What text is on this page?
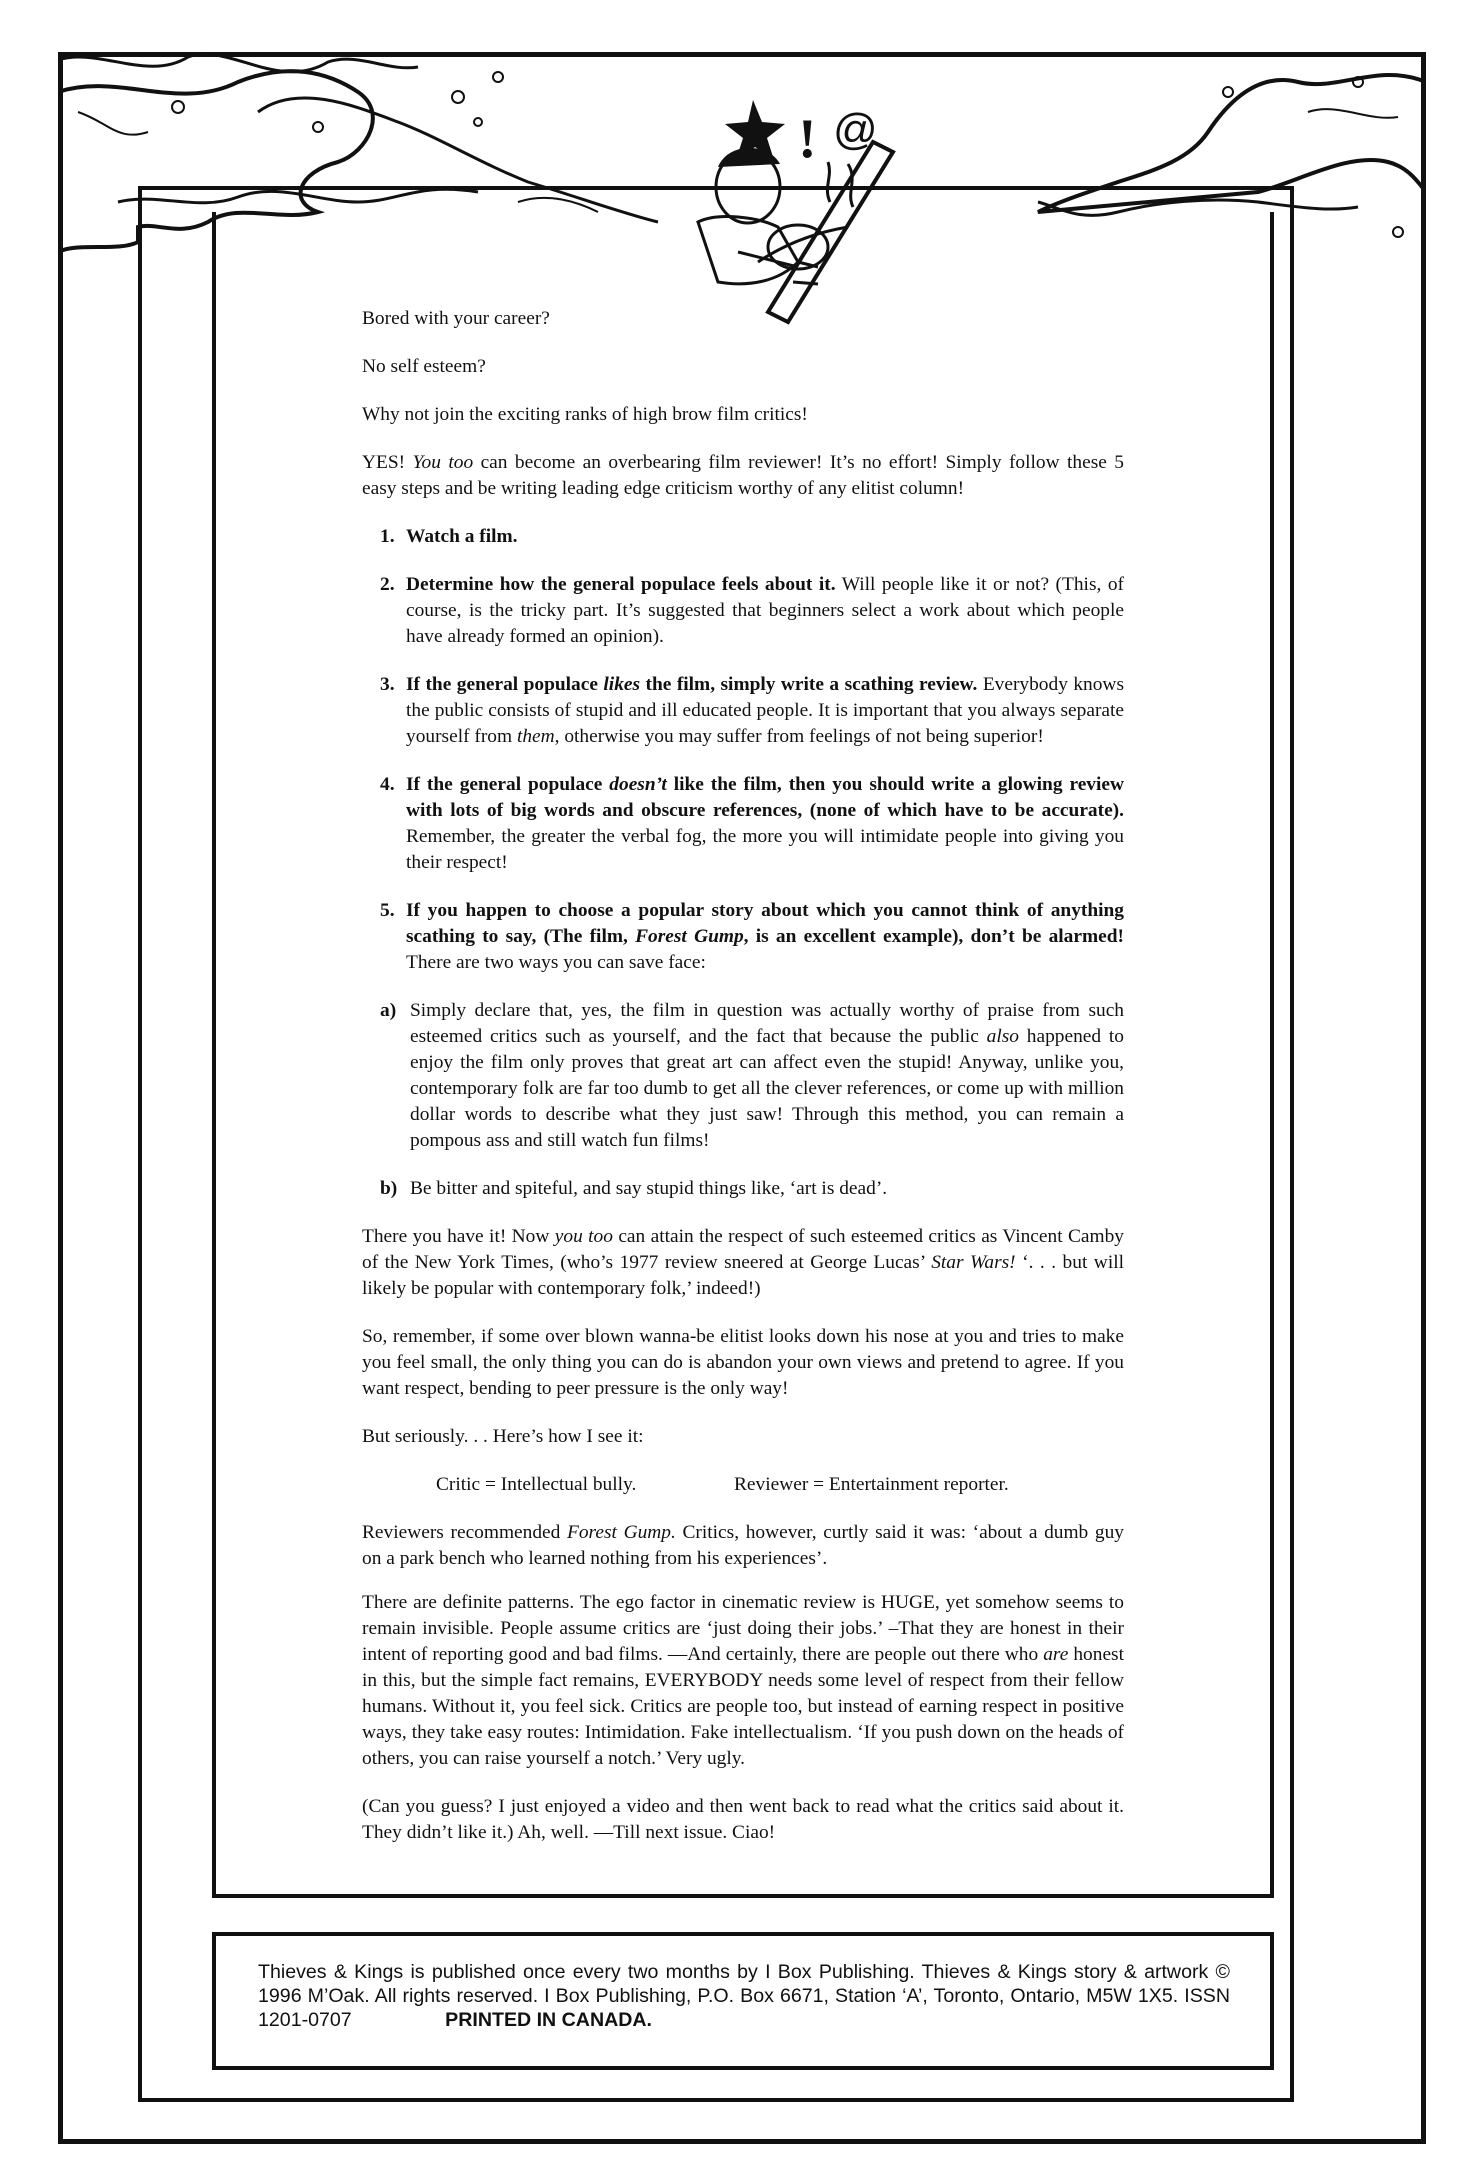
! @

Bored with your career?

No self esteem?

Why not join the exciting ranks of high brow film critics!

YES! You too can become an overbearing film reviewer! It’s no effort! Simply follow these 5 easy steps and be writing leading edge criticism worthy of any elitist column!

1. Watch a film.
2. Determine how the general populace feels about it. Will people like it or not? (This, of course, is the tricky part. It’s suggested that beginners select a work about which people have already formed an opinion).
3. If the general populace likes the film, simply write a scathing review. Everybody knows the public consists of stupid and ill educated people. It is important that you always separate yourself from them, otherwise you may suffer from feelings of not being superior!
4. If the general populace doesn’t like the film, then you should write a glowing review with lots of big words and obscure references, (none of which have to be accurate). Remember, the greater the verbal fog, the more you will intimidate people into giving you their respect!
5. If you happen to choose a popular story about which you cannot think of anything scathing to say, (The film, Forest Gump, is an excellent example), don’t be alarmed! There are two ways you can save face:
a) Simply declare that, yes, the film in question was actually worthy of praise from such esteemed critics such as yourself, and the fact that because the public also happened to enjoy the film only proves that great art can affect even the stupid! Anyway, unlike you, contemporary folk are far too dumb to get all the clever references, or come up with million dollar words to describe what they just saw! Through this method, you can remain a pompous ass and still watch fun films!
b) Be bitter and spiteful, and say stupid things like, ‘art is dead’.

There you have it! Now you too can attain the respect of such esteemed critics as Vincent Camby of the New York Times, (who’s 1977 review sneered at George Lucas’ Star Wars! ‘. . . but will likely be popular with contemporary folk,’ indeed!)

So, remember, if some over blown wanna-be elitist looks down his nose at you and tries to make you feel small, the only thing you can do is abandon your own views and pretend to agree. If you want respect, bending to peer pressure is the only way!

But seriously. . . Here’s how I see it:

Critic = Intellectual bully.	Reviewer = Entertainment reporter.

Reviewers recommended Forest Gump. Critics, however, curtly said it was: ‘about a dumb guy on a park bench who learned nothing from his experiences’.

There are definite patterns. The ego factor in cinematic review is HUGE, yet somehow seems to remain invisible. People assume critics are ‘just doing their jobs.’ –That they are honest in their intent of reporting good and bad films. —And certainly, there are people out there who are honest in this, but the simple fact remains, EVERYBODY needs some level of respect from their fellow humans. Without it, you feel sick. Critics are people too, but instead of earning respect in positive ways, they take easy routes: Intimidation. Fake intellectualism. ‘If you push down on the heads of others, you can raise yourself a notch.’ Very ugly.

(Can you guess? I just enjoyed a video and then went back to read what the critics said about it. They didn’t like it.) Ah, well. —Till next issue. Ciao!

Thieves & Kings is published once every two months by I Box Publishing. Thieves & Kings story & artwork © 1996 M’Oak. All rights reserved. I Box Publishing, P.O. Box 6671, Station ‘A’, Toronto, Ontario, M5W 1X5. ISSN 1201-0707	PRINTED IN CANADA.
